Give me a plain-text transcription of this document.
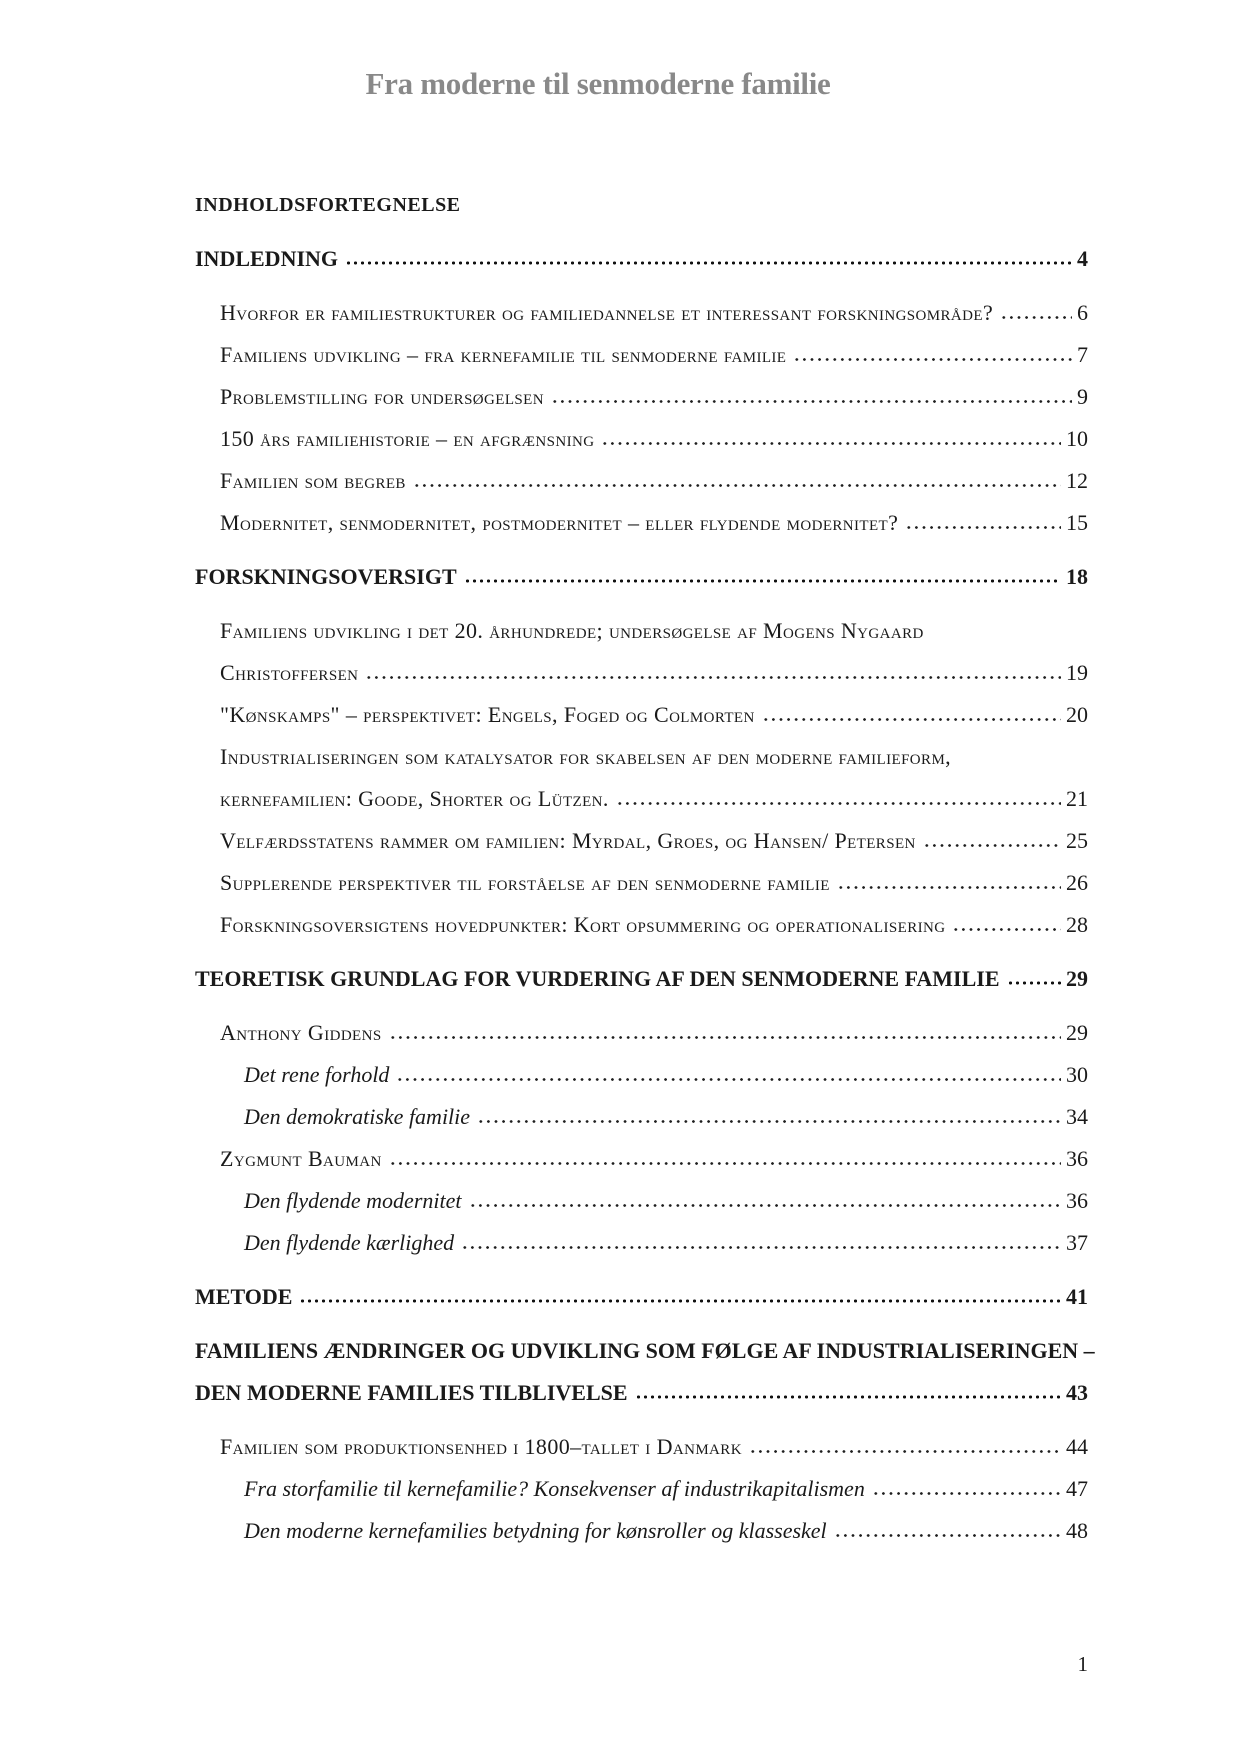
Fra moderne til senmoderne familie
INDHOLDSFORTEGNELSE
INDLEDNING	4
Hvorfor er familiestrukturer og familiedannelse et interessant forskningsområde?	6
Familiens udvikling – fra kernefamilie til senmoderne familie	7
Problemstilling for undersøgelsen	9
150 års familiehistorie – en afgrænsning	10
Familien som begreb	12
Modernitet, senmodernitet, postmodernitet – eller flydende modernitet?	15
FORSKNINGSOVERSIGT	18
Familiens udvikling i det 20. århundrede; undersøgelse af Mogens Nygaard
Christoffersen	19
"Kønskamps" – perspektivet: Engels, Foged og Colmorten	20
Industrialiseringen som katalysator for skabelsen af den moderne familieform,
kernefamilien: Goode, Shorter og Lützen.	21
Velfærdsstatens rammer om familien: Myrdal, Groes, og Hansen/ Petersen	25
Supplerende perspektiver til forståelse af den senmoderne familie	26
Forskningsoversigtens hovedpunkter: Kort opsummering og operationalisering	28
TEORETISK GRUNDLAG FOR VURDERING AF DEN SENMODERNE FAMILIE	29
Anthony Giddens	29
Det rene forhold	30
Den demokratiske familie	34
Zygmunt Bauman	36
Den flydende modernitet	36
Den flydende kærlighed	37
METODE	41
FAMILIENS ÆNDRINGER OG UDVIKLING SOM FØLGE AF INDUSTRIALISERINGEN –
DEN MODERNE FAMILIES TILBLIVELSE	43
Familien som produktionsenhed i 1800–tallet i Danmark	44
Fra storfamilie til kernefamilie? Konsekvenser af industrikapitalismen	47
Den moderne kernefamilies betydning for kønsroller og klasseskel	48
1
